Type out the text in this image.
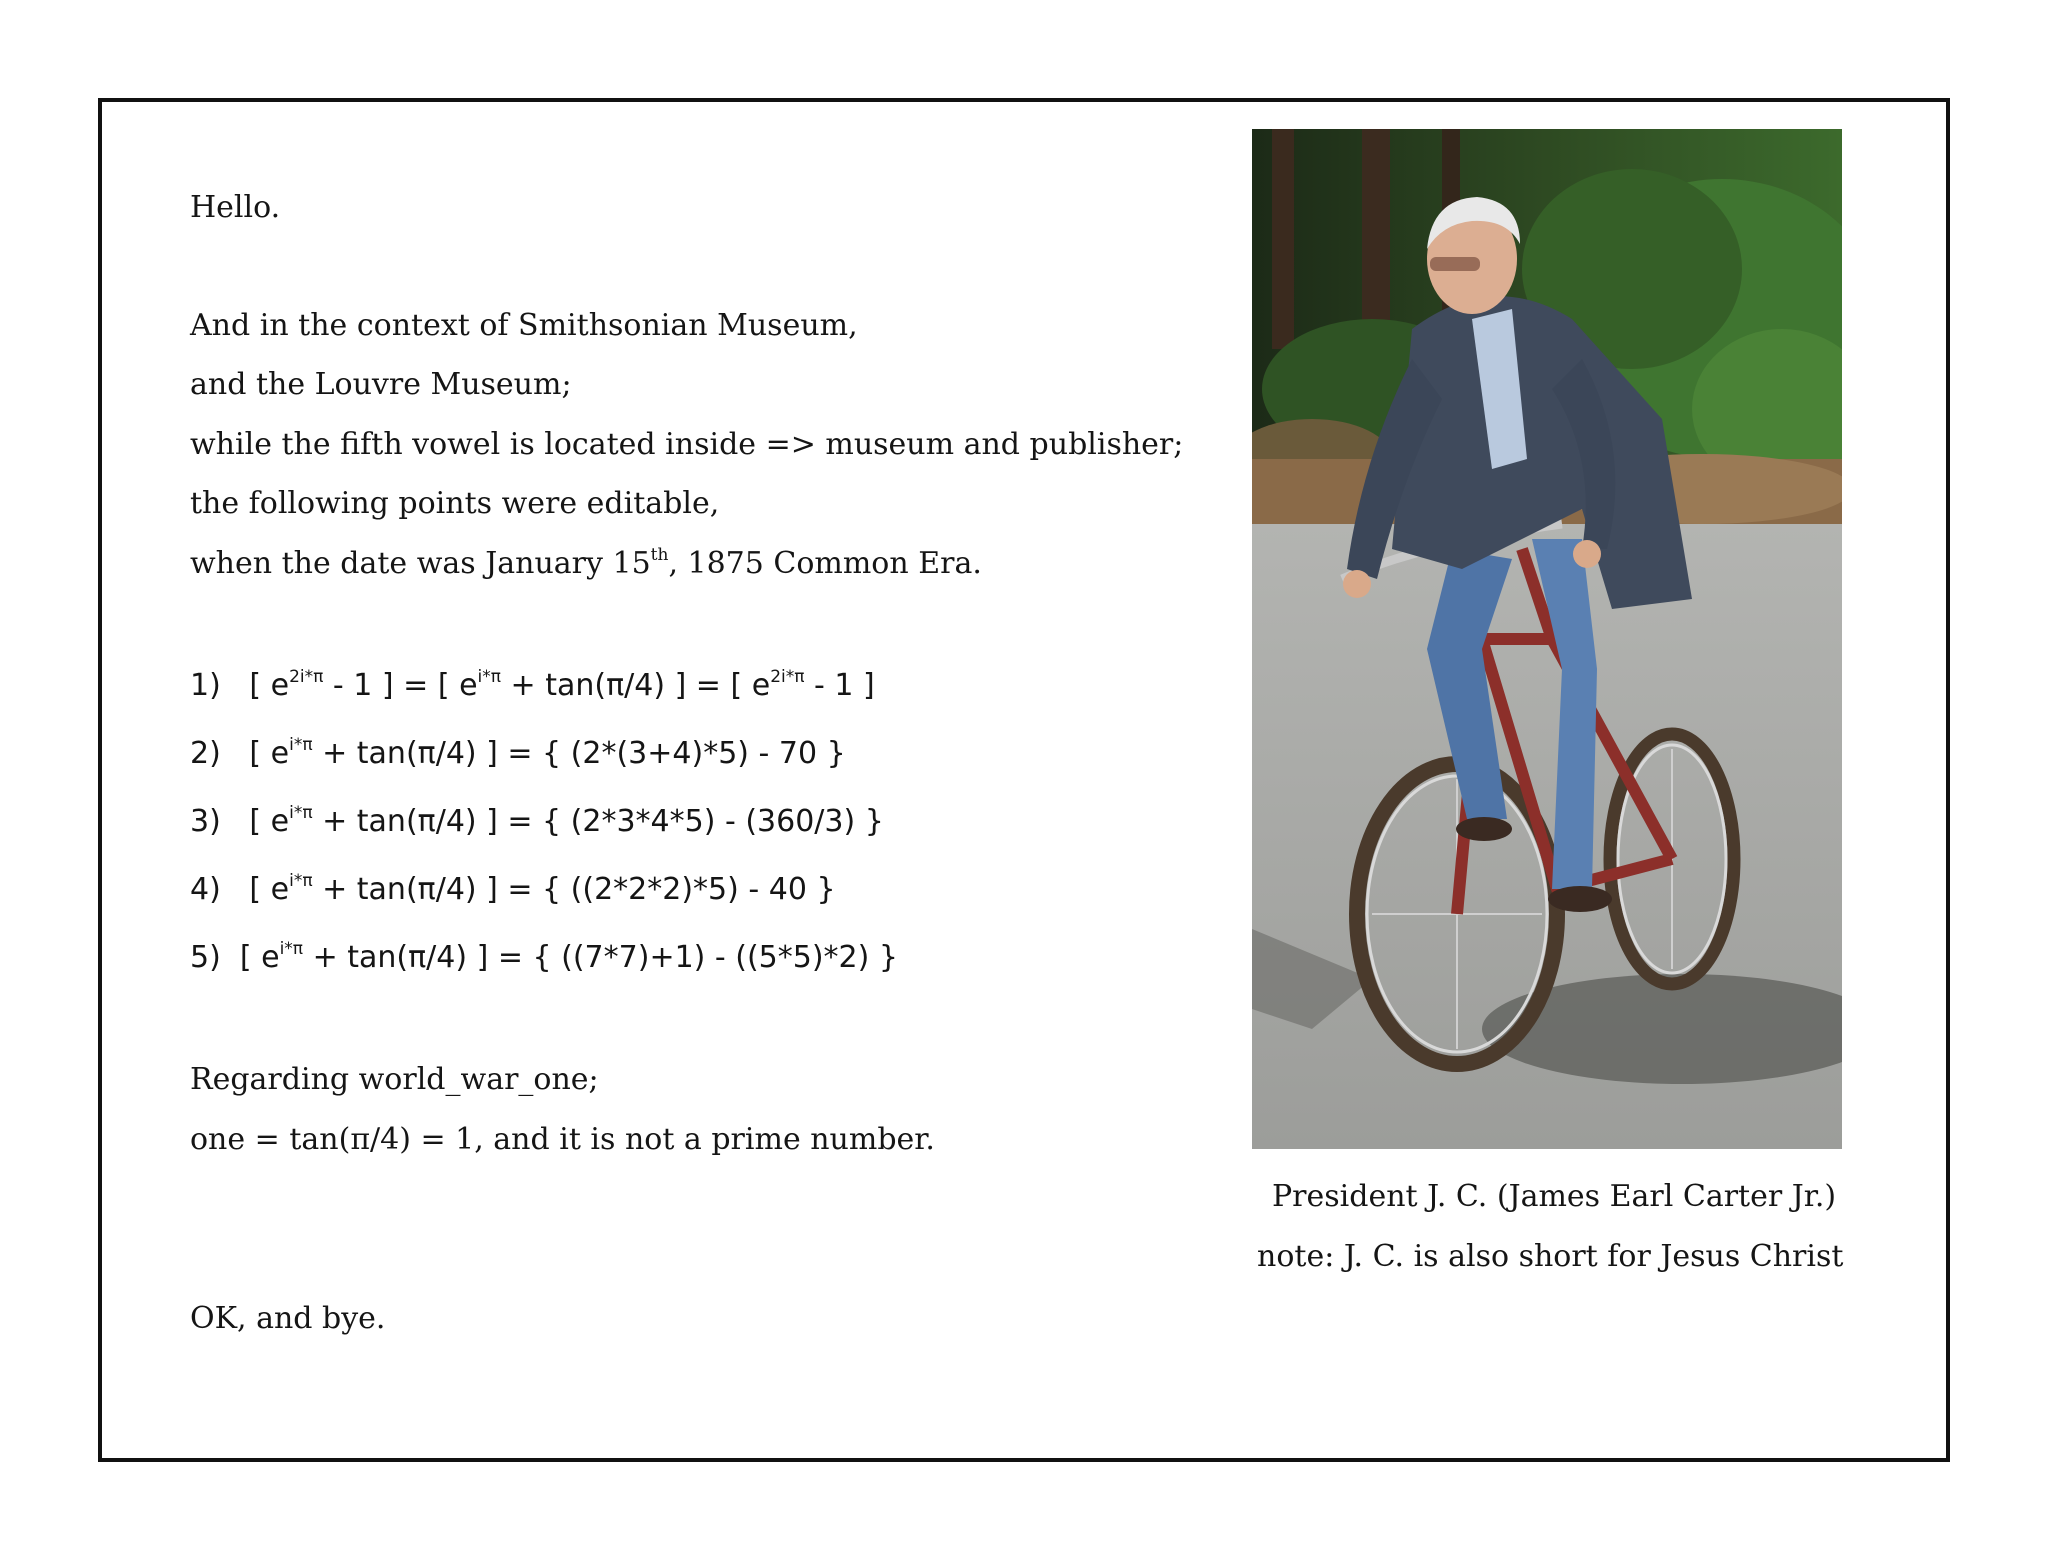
Hello.
And in the context of Smithsonian Museum,
and the Louvre Museum;
while the fifth vowel is located inside => museum and publisher;
the following points were editable,
when the date was January 15th, 1875 Common Era.
1) [ $e^{2i*\pi} - 1$ ] = [ $e^{i*\pi} + \tan(\pi/4)$ ] = [ $e^{2i*\pi} - 1$ ]
2) [ $e^{i*\pi} + \tan(\pi/4)$ ] = { (2*(3+4)*5) - 70 }
3) [ $e^{i*\pi} + \tan(\pi/4)$ ] = { (2*3*4*5) - (360/3) }
4) [ $e^{i*\pi} + \tan(\pi/4)$ ] = { ((2*2*2)*5) - 40 }
5) [ $e^{i*\pi} + \tan(\pi/4)$ ] = { ((7*7)+1) - ((5*5)*2) }
Regarding world_war_one;
one = tan(π/4) = 1, and it is not a prime number.
OK, and bye.
President J. C. (James Earl Carter Jr.)
note: J. C. is also short for Jesus Christ
